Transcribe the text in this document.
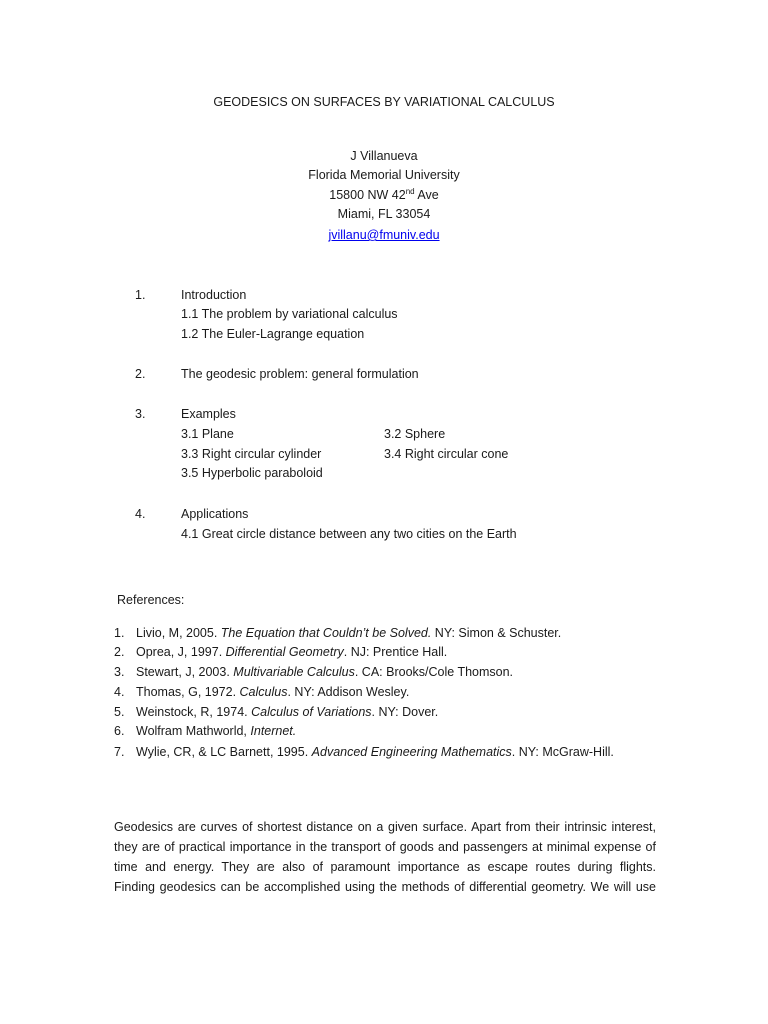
GEODESICS ON SURFACES BY VARIATIONAL CALCULUS
J Villanueva
Florida Memorial University
15800 NW 42nd Ave
Miami, FL 33054
jvillanu@fmuniv.edu
1.	Introduction
1.1 The problem by variational calculus
1.2 The Euler-Lagrange equation
2.	The geodesic problem: general formulation
3.	Examples
3.1 Plane	3.2 Sphere
3.3 Right circular cylinder	3.4 Right circular cone
3.5 Hyperbolic paraboloid
4.	Applications
4.1 Great circle distance between any two cities on the Earth
References:
1. Livio, M, 2005. The Equation that Couldn’t be Solved. NY: Simon & Schuster.
2. Oprea, J, 1997. Differential Geometry. NJ: Prentice Hall.
3. Stewart, J, 2003. Multivariable Calculus. CA: Brooks/Cole Thomson.
4. Thomas, G, 1972. Calculus. NY: Addison Wesley.
5. Weinstock, R, 1974. Calculus of Variations. NY: Dover.
6. Wolfram Mathworld, Internet.
7. Wylie, CR, & LC Barnett, 1995. Advanced Engineering Mathematics. NY: McGraw-Hill.
Geodesics are curves of shortest distance on a given surface. Apart from their intrinsic interest,
they are of practical importance in the transport of goods and passengers at minimal expense of
time and energy. They are also of paramount importance as escape routes during flights.
Finding geodesics can be accomplished using the methods of differential geometry. We will use
